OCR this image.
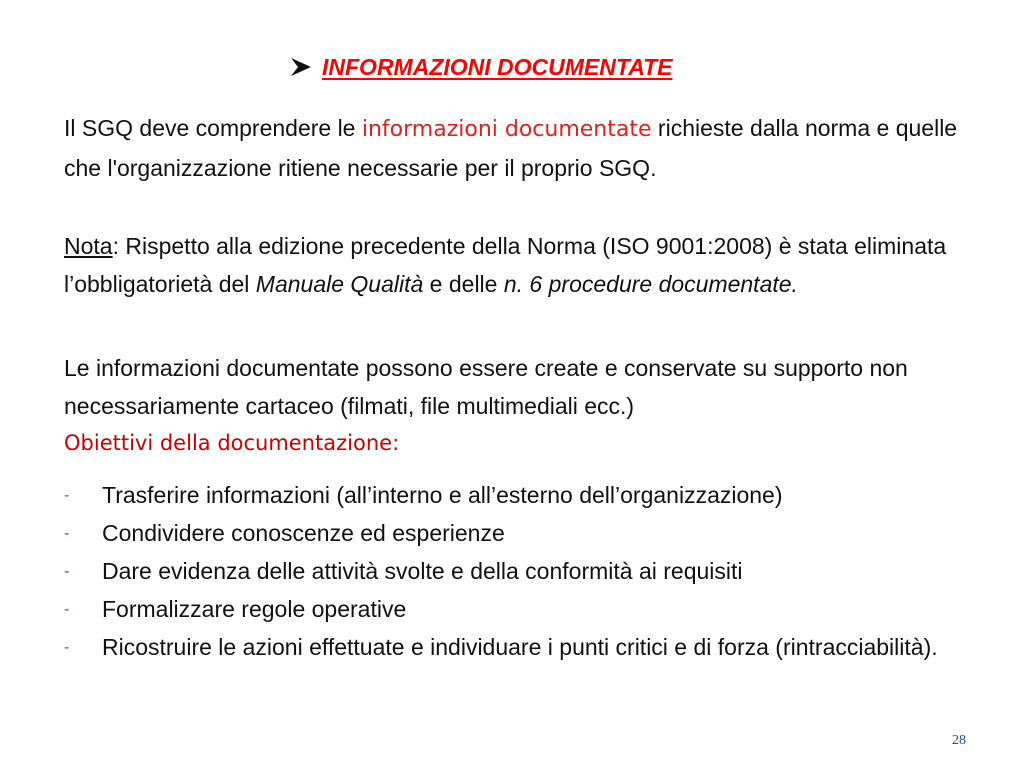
INFORMAZIONI DOCUMENTATE
Il SGQ deve comprendere le informazioni documentate richieste dalla norma e quelle che l'organizzazione ritiene necessarie per il proprio SGQ.
Nota: Rispetto alla edizione precedente della Norma (ISO 9001:2008) è stata eliminata l’obbligatorietà del Manuale Qualità e delle n. 6 procedure documentate.
Le informazioni documentate possono essere create e conservate su supporto non necessariamente cartaceo (filmati, file multimediali ecc.)
Obiettivi della documentazione:
-	Trasferire informazioni (all’interno e all’esterno dell’organizzazione)
-	Condividere conoscenze ed esperienze
-	Dare evidenza delle attività svolte e della conformità ai requisiti
-	Formalizzare regole operative
-	Ricostruire le azioni effettuate e individuare i punti critici e di forza (rintracciabilità).
28
